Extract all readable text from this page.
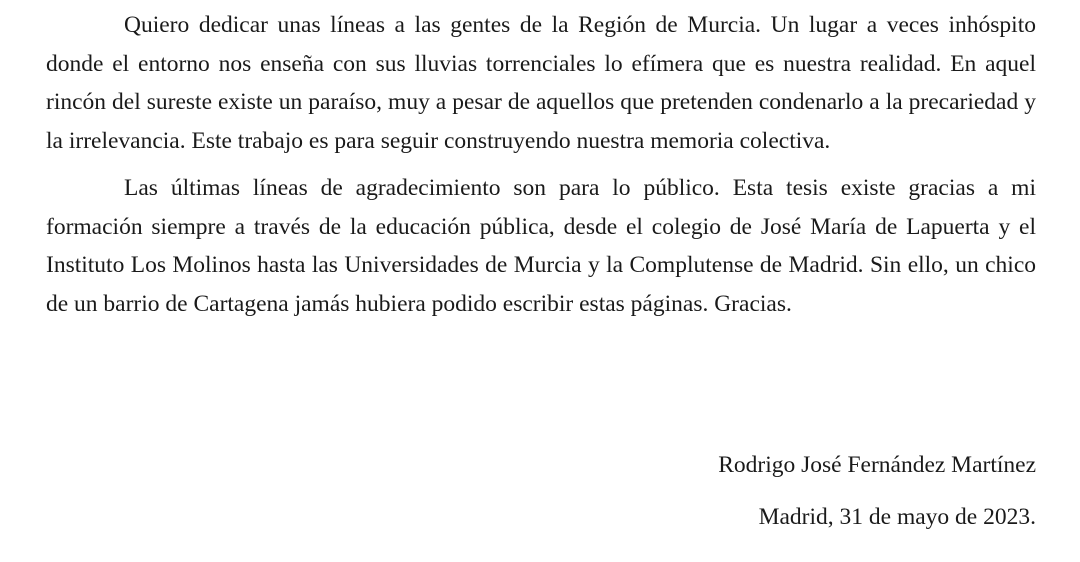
Quiero dedicar unas líneas a las gentes de la Región de Murcia. Un lugar a veces inhóspito donde el entorno nos enseña con sus lluvias torrenciales lo efímera que es nuestra realidad. En aquel rincón del sureste existe un paraíso, muy a pesar de aquellos que pretenden condenarlo a la precariedad y la irrelevancia. Este trabajo es para seguir construyendo nuestra memoria colectiva.

Las últimas líneas de agradecimiento son para lo público. Esta tesis existe gracias a mi formación siempre a través de la educación pública, desde el colegio de José María de Lapuerta y el Instituto Los Molinos hasta las Universidades de Murcia y la Complutense de Madrid. Sin ello, un chico de un barrio de Cartagena jamás hubiera podido escribir estas páginas. Gracias.

Rodrigo José Fernández Martínez

Madrid, 31 de mayo de 2023.
